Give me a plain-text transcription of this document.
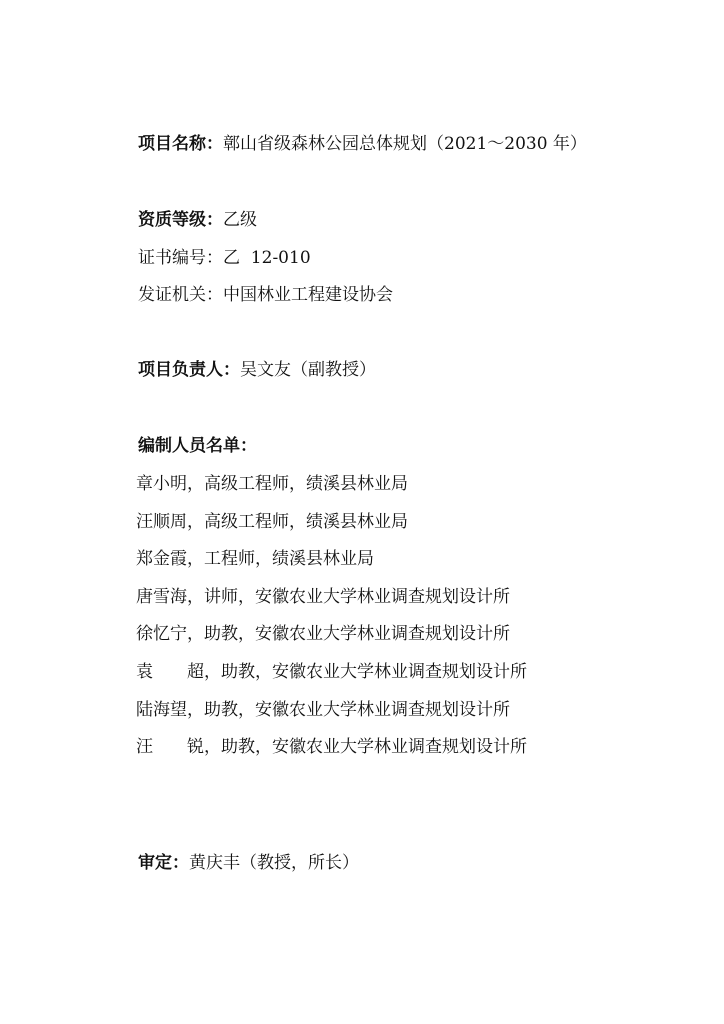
项目名称：鄣山省级森林公园总体规划（2021～2030 年）
资质等级：乙级
证书编号：乙  12-010
发证机关：中国林业工程建设协会
项目负责人：吴文友（副教授）
编制人员名单：
章小明，高级工程师，绩溪县林业局
汪顺周，高级工程师，绩溪县林业局
郑金霞，工程师，绩溪县林业局
唐雪海，讲师，安徽农业大学林业调查规划设计所
徐忆宁，助教，安徽农业大学林业调查规划设计所
袁 超，助教，安徽农业大学林业调查规划设计所
陆海望，助教，安徽农业大学林业调查规划设计所
汪 锐，助教，安徽农业大学林业调查规划设计所
审定：黄庆丰（教授，所长）
